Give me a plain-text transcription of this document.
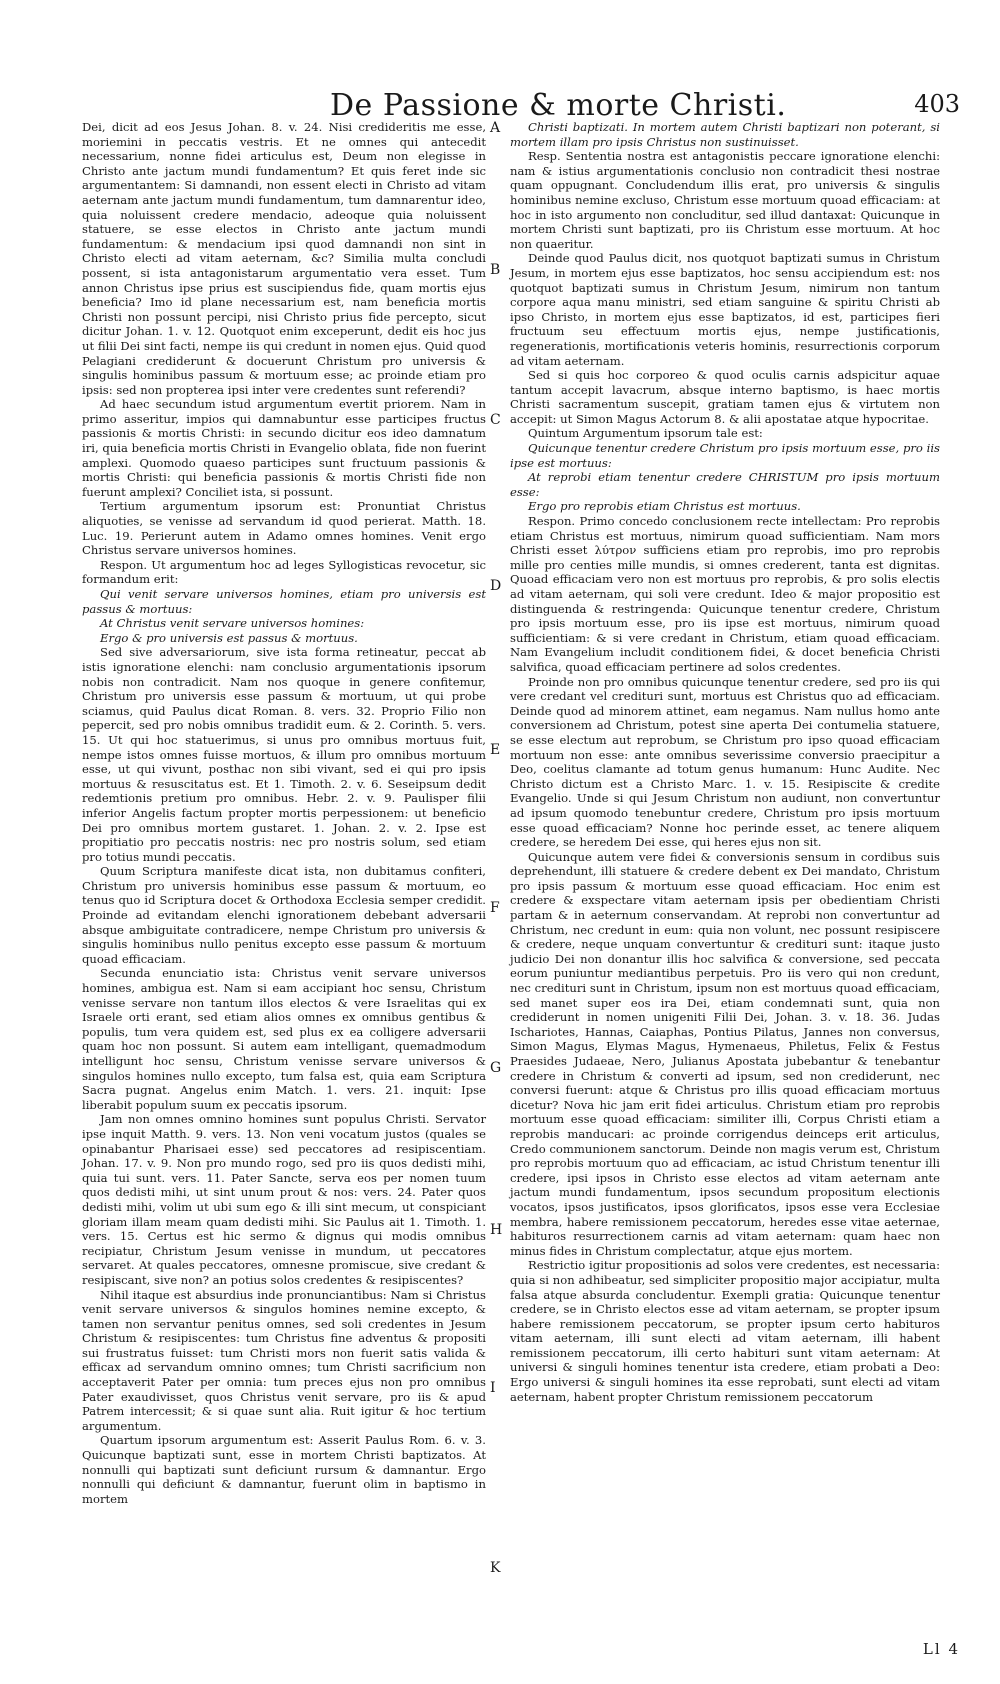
De Passione & morte Christi.	403

Dei, dicit ad eos Jesus Johan. 8. v. 24. Nisi credideritis me esse, moriemini in peccatis vestris. Et ne omnes qui antecedit necessarium, nonne fidei articulus est, Deum non elegisse in Christo ante jactum mundi fundamentum? Et quis feret inde sic argumentantem: Si damnandi, non essent electi in Christo ad vitam aeternam ante jactum mundi fundamentum, tum damnarentur ideo, quia noluissent credere mendacio, adeoque quia noluissent statuere, se esse electos in Christo ante jactum mundi fundamentum: & mendacium ipsi quod damnandi non sint in Christo electi ad vitam aeternam, &c? Similia multa concludi possent, si ista antagonistarum argumentatio vera esset. Tum annon Christus ipse prius est suscipiendus fide, quam mortis ejus beneficia? Imo id plane necessarium est, nam beneficia mortis Christi non possunt percipi, nisi Christo prius fide percepto, sicut dicitur Johan. 1. v. 12. Quotquot enim exceperunt, dedit eis hoc jus ut filii Dei sint facti, nempe iis qui credunt in nomen ejus. Quid quod Pelagiani crediderunt & docuerunt Christum pro universis & singulis hominibus passum & mortuum esse; ac proinde etiam pro ipsis: sed non propterea ipsi inter vere credentes sunt referendi?

Ad haec secundum istud argumentum evertit priorem. Nam in primo asseritur, impios qui damnabuntur esse participes fructus passionis & mortis Christi: in secundo dicitur eos ideo damnatum iri, quia beneficia mortis Christi in Evangelio oblata, fide non fuerint amplexi. Quomodo quaeso participes sunt fructuum passionis & mortis Christi: qui beneficia passionis & mortis Christi fide non fuerunt amplexi? Conciliet ista, si possunt.

Tertium argumentum ipsorum est: Pronuntiat Christus aliquoties, se venisse ad servandum id quod perierat. Matth. 18. Luc. 19. Perierunt autem in Adamo omnes homines. Venit ergo Christus servare universos homines.

Respon. Ut argumentum hoc ad leges Syllogisticas revocetur, sic formandum erit:

Qui venit servare universos homines, etiam pro universis est passus & mortuus:

At Christus venit servare universos homines:

Ergo & pro universis est passus & mortuus.

Sed sive adversariorum, sive ista forma retineatur, peccat ab istis ignoratione elenchi: nam conclusio argumentationis ipsorum nobis non contradicit. Nam nos quoque in genere confitemur, Christum pro universis esse passum & mortuum, ut qui probe sciamus, quid Paulus dicat Roman. 8. vers. 32. Proprio Filio non pepercit, sed pro nobis omnibus tradidit eum. & 2. Corinth. 5. vers. 15. Ut qui hoc statuerimus, si unus pro omnibus mortuus fuit, nempe istos omnes fuisse mortuos, & illum pro omnibus mortuum esse, ut qui vivunt, posthac non sibi vivant, sed ei qui pro ipsis mortuus & resuscitatus est. Et 1. Timoth. 2. v. 6. Seseipsum dedit redemtionis pretium pro omnibus. Hebr. 2. v. 9. Paulisper filii inferior Angelis factum propter mortis perpessionem: ut beneficio Dei pro omnibus mortem gustaret. 1. Johan. 2. v. 2. Ipse est propitiatio pro peccatis nostris: nec pro nostris solum, sed etiam pro totius mundi peccatis.

Quum Scriptura manifeste dicat ista, non dubitamus confiteri, Christum pro universis hominibus esse passum & mortuum, eo tenus quo id Scriptura docet & Orthodoxa Ecclesia semper credidit. Proinde ad evitandam elenchi ignorationem debebant adversarii absque ambiguitate contradicere, nempe Christum pro universis & singulis hominibus nullo penitus excepto esse passum & mortuum quoad efficaciam.

Secunda enunciatio ista: Christus venit servare universos homines, ambigua est. Nam si eam accipiant hoc sensu, Christum venisse servare non tantum illos electos & vere Israelitas qui ex Israele orti erant, sed etiam alios omnes ex omnibus gentibus & populis, tum vera quidem est, sed plus ex ea colligere adversarii quam hoc non possunt. Si autem eam intelligant, quemadmodum intelligunt hoc sensu, Christum venisse servare universos & singulos homines nullo excepto, tum falsa est, quia eam Scriptura Sacra pugnat. Angelus enim Match. 1. vers. 21. inquit: Ipse liberabit populum suum ex peccatis ipsorum.

Jam non omnes omnino homines sunt populus Christi. Servator ipse inquit Matth. 9. vers. 13. Non veni vocatum justos (quales se opinabantur Pharisaei esse) sed peccatores ad resipiscentiam. Johan. 17. v. 9. Non pro mundo rogo, sed pro iis quos dedisti mihi, quia tui sunt. vers. 11. Pater Sancte, serva eos per nomen tuum quos dedisti mihi, ut sint unum prout & nos: vers. 24. Pater quos dedisti mihi, volim ut ubi sum ego & illi sint mecum, ut conspiciant gloriam illam meam quam dedisti mihi. Sic Paulus ait 1. Timoth. 1. vers. 15. Certus est hic sermo & dignus qui modis omnibus recipiatur, Christum Jesum venisse in mundum, ut peccatores servaret. At quales peccatores, omnesne promiscue, sive credant & resipiscant, sive non? an potius solos credentes & resipiscentes?

Nihil itaque est absurdius inde pronunciantibus: Nam si Christus venit servare universos & singulos homines nemine excepto, & tamen non servantur penitus omnes, sed soli credentes in Jesum Christum & resipiscentes: tum Christus fine adventus & propositi sui frustratus fuisset: tum Christi mors non fuerit satis valida & efficax ad servandum omnino omnes; tum Christi sacrificium non acceptaverit Pater per omnia: tum preces ejus non pro omnibus Pater exaudivisset, quos Christus venit servare, pro iis & apud Patrem intercessit; & si quae sunt alia. Ruit igitur & hoc tertium argumentum.

Quartum ipsorum argumentum est: Asserit Paulus Rom. 6. v. 3. Quicunque baptizati sunt, esse in mortem Christi baptizatos. At nonnulli qui baptizati sunt deficiunt rursum & damnantur. Ergo nonnulli qui deficiunt & damnantur, fuerunt olim in baptismo in mortem

Christi baptizati. In mortem autem Christi baptizari non poterant, si mortem illam pro ipsis Christus non sustinuisset.

Resp. Sententia nostra est antagonistis peccare ignoratione elenchi: nam & istius argumentationis conclusio non contradicit thesi nostrae quam oppugnant. Concludendum illis erat, pro universis & singulis hominibus nemine excluso, Christum esse mortuum quoad efficaciam: at hoc in isto argumento non concluditur, sed illud dantaxat: Quicunque in mortem Christi sunt baptizati, pro iis Christum esse mortuum. At hoc non quaeritur.

Deinde quod Paulus dicit, nos quotquot baptizati sumus in Christum Jesum, in mortem ejus esse baptizatos, hoc sensu accipiendum est: nos quotquot baptizati sumus in Christum Jesum, nimirum non tantum corpore aqua manu ministri, sed etiam sanguine & spiritu Christi ab ipso Christo, in mortem ejus esse baptizatos, id est, participes fieri fructuum seu effectuum mortis ejus, nempe justificationis, regenerationis, mortificationis veteris hominis, resurrectionis corporum ad vitam aeternam.

Sed si quis hoc corporeo & quod oculis carnis adspicitur aquae tantum accepit lavacrum, absque interno baptismo, is haec mortis Christi sacramentum suscepit, gratiam tamen ejus & virtutem non accepit: ut Simon Magus Actorum 8. & alii apostatae atque hypocritae.

Quintum Argumentum ipsorum tale est:

Quicunque tenentur credere Christum pro ipsis mortuum esse, pro iis ipse est mortuus:

At reprobi etiam tenentur credere CHRISTUM pro ipsis mortuum esse:

Ergo pro reprobis etiam Christus est mortuus.

Respon. Primo concedo conclusionem recte intellectam: Pro reprobis etiam Christus est mortuus, nimirum quoad sufficientiam. Nam mors Christi esset λύτρον sufficiens etiam pro reprobis, imo pro reprobis mille pro centies mille mundis, si omnes crederent, tanta est dignitas. Quoad efficaciam vero non est mortuus pro reprobis, & pro solis electis ad vitam aeternam, qui soli vere credunt. Ideo & major propositio est distinguenda & restringenda: Quicunque tenentur credere, Christum pro ipsis mortuum esse, pro iis ipse est mortuus, nimirum quoad sufficientiam: & si vere credant in Christum, etiam quoad efficaciam. Nam Evangelium includit conditionem fidei, & docet beneficia Christi salvifica, quoad efficaciam pertinere ad solos credentes.

Proinde non pro omnibus quicunque tenentur credere, sed pro iis qui vere credant vel credituri sunt, mortuus est Christus quo ad efficaciam. Deinde quod ad minorem attinet, eam negamus. Nam nullus homo ante conversionem ad Christum, potest sine aperta Dei contumelia statuere, se esse electum aut reprobum, se Christum pro ipso quoad efficaciam mortuum non esse: ante omnibus severissime conversio praecipitur a Deo, coelitus clamante ad totum genus humanum: Hunc Audite. Nec Christo dictum est a Christo Marc. 1. v. 15. Resipiscite & credite Evangelio. Unde si qui Jesum Christum non audiunt, non convertuntur ad ipsum quomodo tenebuntur credere, Christum pro ipsis mortuum esse quoad efficaciam? Nonne hoc perinde esset, ac tenere aliquem credere, se heredem Dei esse, qui heres ejus non sit.

Quicunque autem vere fidei & conversionis sensum in cordibus suis deprehendunt, illi statuere & credere debent ex Dei mandato, Christum pro ipsis passum & mortuum esse quoad efficaciam. Hoc enim est credere & exspectare vitam aeternam ipsis per obedientiam Christi partam & in aeternum conservandam. At reprobi non convertuntur ad Christum, nec credunt in eum: quia non volunt, nec possunt resipiscere & credere, neque unquam convertuntur & credituri sunt: itaque justo judicio Dei non donantur illis hoc salvifica & conversione, sed peccata eorum puniuntur mediantibus perpetuis. Pro iis vero qui non credunt, nec credituri sunt in Christum, ipsum non est mortuus quoad efficaciam, sed manet super eos ira Dei, etiam condemnati sunt, quia non crediderunt in nomen unigeniti Filii Dei, Johan. 3. v. 18. 36. Judas Ischariotes, Hannas, Caiaphas, Pontius Pilatus, Jannes non conversus, Simon Magus, Elymas Magus, Hymenaeus, Philetus, Felix & Festus Praesides Judaeae, Nero, Julianus Apostata jubebantur & tenebantur credere in Christum & converti ad ipsum, sed non crediderunt, nec conversi fuerunt: atque & Christus pro illis quoad efficaciam mortuus dicetur? Nova hic jam erit fidei articulus. Christum etiam pro reprobis mortuum esse quoad efficaciam: similiter illi, Corpus Christi etiam a reprobis manducari: ac proinde corrigendus deinceps erit articulus, Credo communionem sanctorum. Deinde non magis verum est, Christum pro reprobis mortuum quo ad efficaciam, ac istud Christum tenentur illi credere, ipsi ipsos in Christo esse electos ad vitam aeternam ante jactum mundi fundamentum, ipsos secundum propositum electionis vocatos, ipsos justificatos, ipsos glorificatos, ipsos esse vera Ecclesiae membra, habere remissionem peccatorum, heredes esse vitae aeternae, habituros resurrectionem carnis ad vitam aeternam: quam haec non minus fides in Christum complectatur, atque ejus mortem.

Restrictio igitur propositionis ad solos vere credentes, est necessaria: quia si non adhibeatur, sed simpliciter propositio major accipiatur, multa falsa atque absurda concludentur. Exempli gratia: Quicunque tenentur credere, se in Christo electos esse ad vitam aeternam, se propter ipsum habere remissionem peccatorum, se propter ipsum certo habituros vitam aeternam, illi sunt electi ad vitam aeternam, illi habent remissionem peccatorum, illi certo habituri sunt vitam aeternam: At universi & singuli homines tenentur ista credere, etiam probati a Deo: Ergo universi & singuli homines ita esse reprobati, sunt electi ad vitam aeternam, habent propter Christum remissionem peccatorum

A
B
C
D
E
F
G
H
I
K
Ll 4
